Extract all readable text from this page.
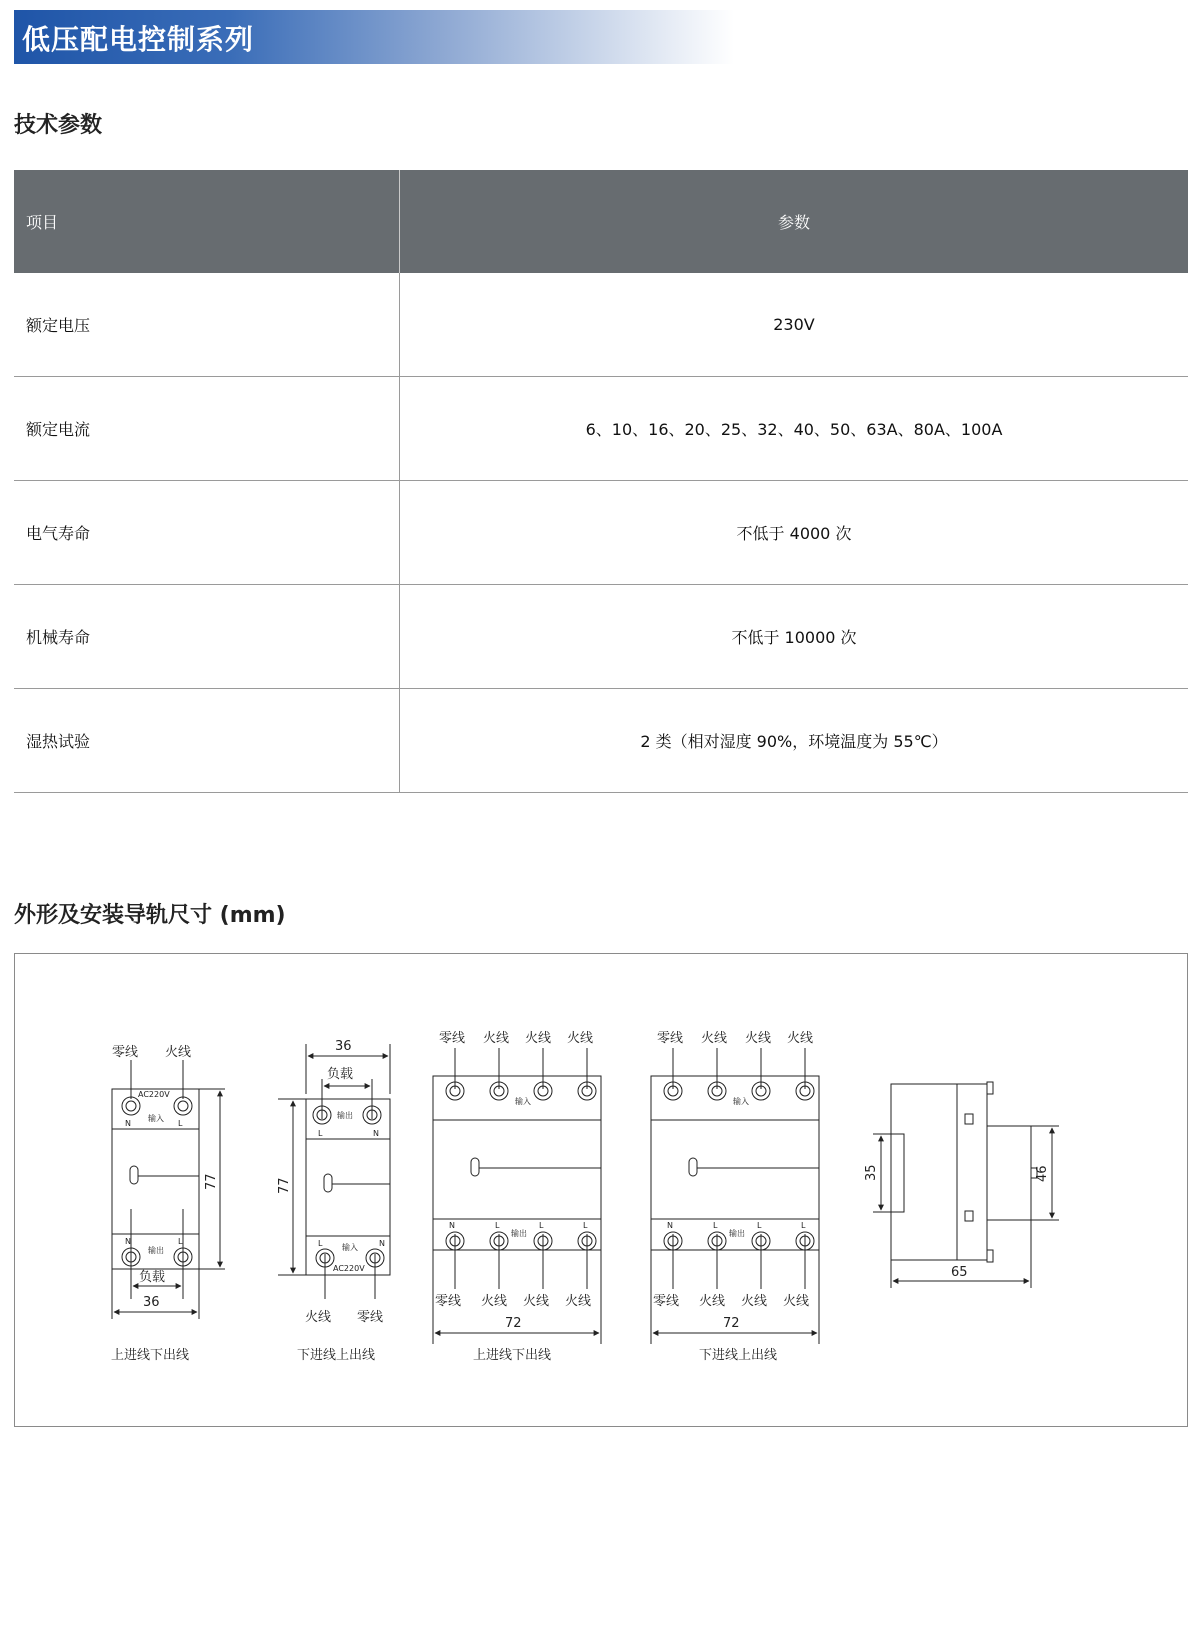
低压配电控制系列
技术参数
项目	参数
额定电压	230V
额定电流	6、10、16、20、25、32、40、50、63A、80A、100A
电气寿命	不低于 4000 次
机械寿命	不低于 10000 次
湿热试验	2 类（相对湿度 90%，环境温度为 55℃）
外形及安装导轨尺寸 (mm)
零线 火线
AC220V
输入
N	L
N	L
输出
负载
36
77
上进线下出线
36
负载
输出
L	N
L	N
输入
AC220V
77
火线 零线
下进线上出线
零线 火线 火线 火线
输入
N	L	L	L
输出
零线 火线 火线 火线
72
上进线下出线
零线 火线 火线 火线
输入
N	L	L	L
输出
零线 火线 火线 火线
72
下进线上出线
35	46
65
